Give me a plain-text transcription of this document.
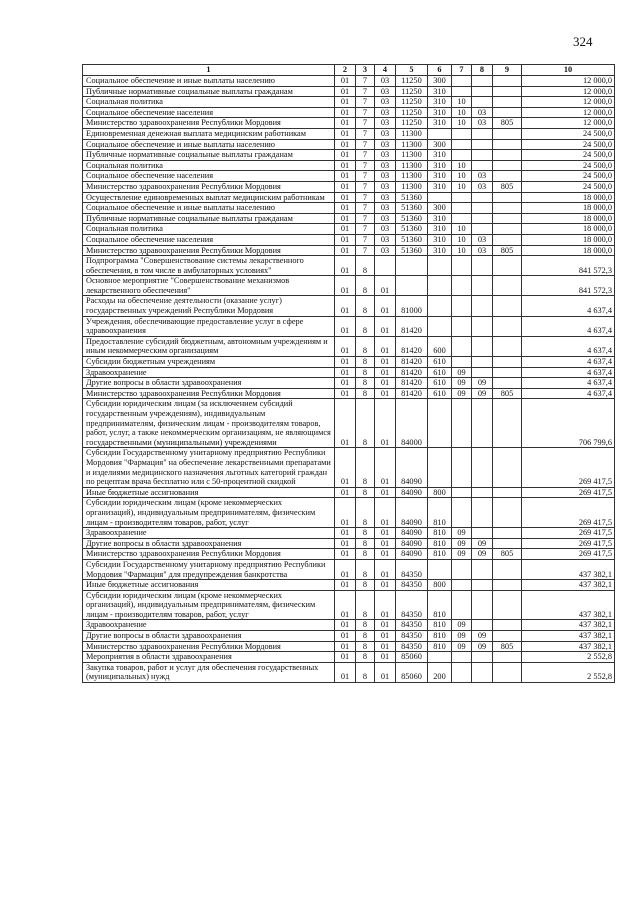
324
1	2	3	4	5	6	7	8	9	10
Социальное обеспечение и иные выплаты населению	01	7	03	11250	300				12 000,0
Публичные нормативные социальные выплаты гражданам	01	7	03	11250	310				12 000,0
Социальная политика	01	7	03	11250	310	10			12 000,0
Социальное обеспечение населения	01	7	03	11250	310	10	03		12 000,0
Министерство здравоохранения Республики Мордовия	01	7	03	11250	310	10	03	805	12 000,0
Единовременная денежная выплата медицинским работникам	01	7	03	11300					24 500,0
Социальное обеспечение и иные выплаты населению	01	7	03	11300	300				24 500,0
Публичные нормативные социальные выплаты гражданам	01	7	03	11300	310				24 500,0
Социальная политика	01	7	03	11300	310	10			24 500,0
Социальное обеспечение населения	01	7	03	11300	310	10	03		24 500,0
Министерство здравоохранения Республики Мордовия	01	7	03	11300	310	10	03	805	24 500,0
Осуществление единовременных выплат медицинским работникам	01	7	03	51360					18 000,0
Социальное обеспечение и иные выплаты населению	01	7	03	51360	300				18 000,0
Публичные нормативные социальные выплаты гражданам	01	7	03	51360	310				18 000,0
Социальная политика	01	7	03	51360	310	10			18 000,0
Социальное обеспечение населения	01	7	03	51360	310	10	03		18 000,0
Министерство здравоохранения Республики Мордовия	01	7	03	51360	310	10	03	805	18 000,0
Подпрограмма "Совершенствование системы лекарственного обеспечения, в том числе в амбулаторных условиях"	01	8							841 572,3
Основное мероприятие "Совершенствование механизмов лекарственного обеспечения"	01	8	01						841 572,3
Расходы на обеспечение деятельности (оказание услуг) государственных учреждений Республики Мордовия	01	8	01	81000					4 637,4
Учреждения, обеспечивающие предоставление услуг в сфере здравоохранения	01	8	01	81420					4 637,4
Предоставление субсидий бюджетным, автономным учреждениям и иным некоммерческим организациям	01	8	01	81420	600				4 637,4
Субсидии бюджетным учреждениям	01	8	01	81420	610				4 637,4
Здравоохранение	01	8	01	81420	610	09			4 637,4
Другие вопросы в области здравоохранения	01	8	01	81420	610	09	09		4 637,4
Министерство здравоохранения Республики Мордовия	01	8	01	81420	610	09	09	805	4 637,4
Субсидии юридическим лицам (за исключением субсидий государственным учреждениям), индивидуальным предпринимателям, физическим лицам - производителям товаров, работ, услуг, а также некоммерческим организациям, не являющимся государственными (муниципальными) учреждениями	01	8	01	84000					706 799,6
Субсидии Государственному унитарному предприятию Республики Мордовия "Фармация" на обеспечение лекарственными препаратами и изделиями медицинского назначения льготных категорий граждан по рецептам врача бесплатно или с 50-процентной скидкой	01	8	01	84090					269 417,5
Иные бюджетные ассигнования	01	8	01	84090	800				269 417,5
Субсидии юридическим лицам (кроме некоммерческих организаций), индивидуальным предпринимателям, физическим лицам - производителям товаров, работ, услуг	01	8	01	84090	810				269 417,5
Здравоохранение	01	8	01	84090	810	09			269 417,5
Другие вопросы в области здравоохранения	01	8	01	84090	810	09	09		269 417,5
Министерство здравоохранения Республики Мордовия	01	8	01	84090	810	09	09	805	269 417,5
Субсидии Государственному унитарному предприятию Республики Мордовия "Фармация" для предупреждения банкротства	01	8	01	84350					437 382,1
Иные бюджетные ассигнования	01	8	01	84350	800				437 382,1
Субсидии юридическим лицам (кроме некоммерческих организаций), индивидуальным предпринимателям, физическим лицам - производителям товаров, работ, услуг	01	8	01	84350	810				437 382,1
Здравоохранение	01	8	01	84350	810	09			437 382,1
Другие вопросы в области здравоохранения	01	8	01	84350	810	09	09		437 382,1
Министерство здравоохранения Республики Мордовия	01	8	01	84350	810	09	09	805	437 382,1
Мероприятия в области здравоохранения	01	8	01	85060					2 552,8
Закупка товаров, работ и услуг для обеспечения государственных (муниципальных) нужд	01	8	01	85060	200				2 552,8
